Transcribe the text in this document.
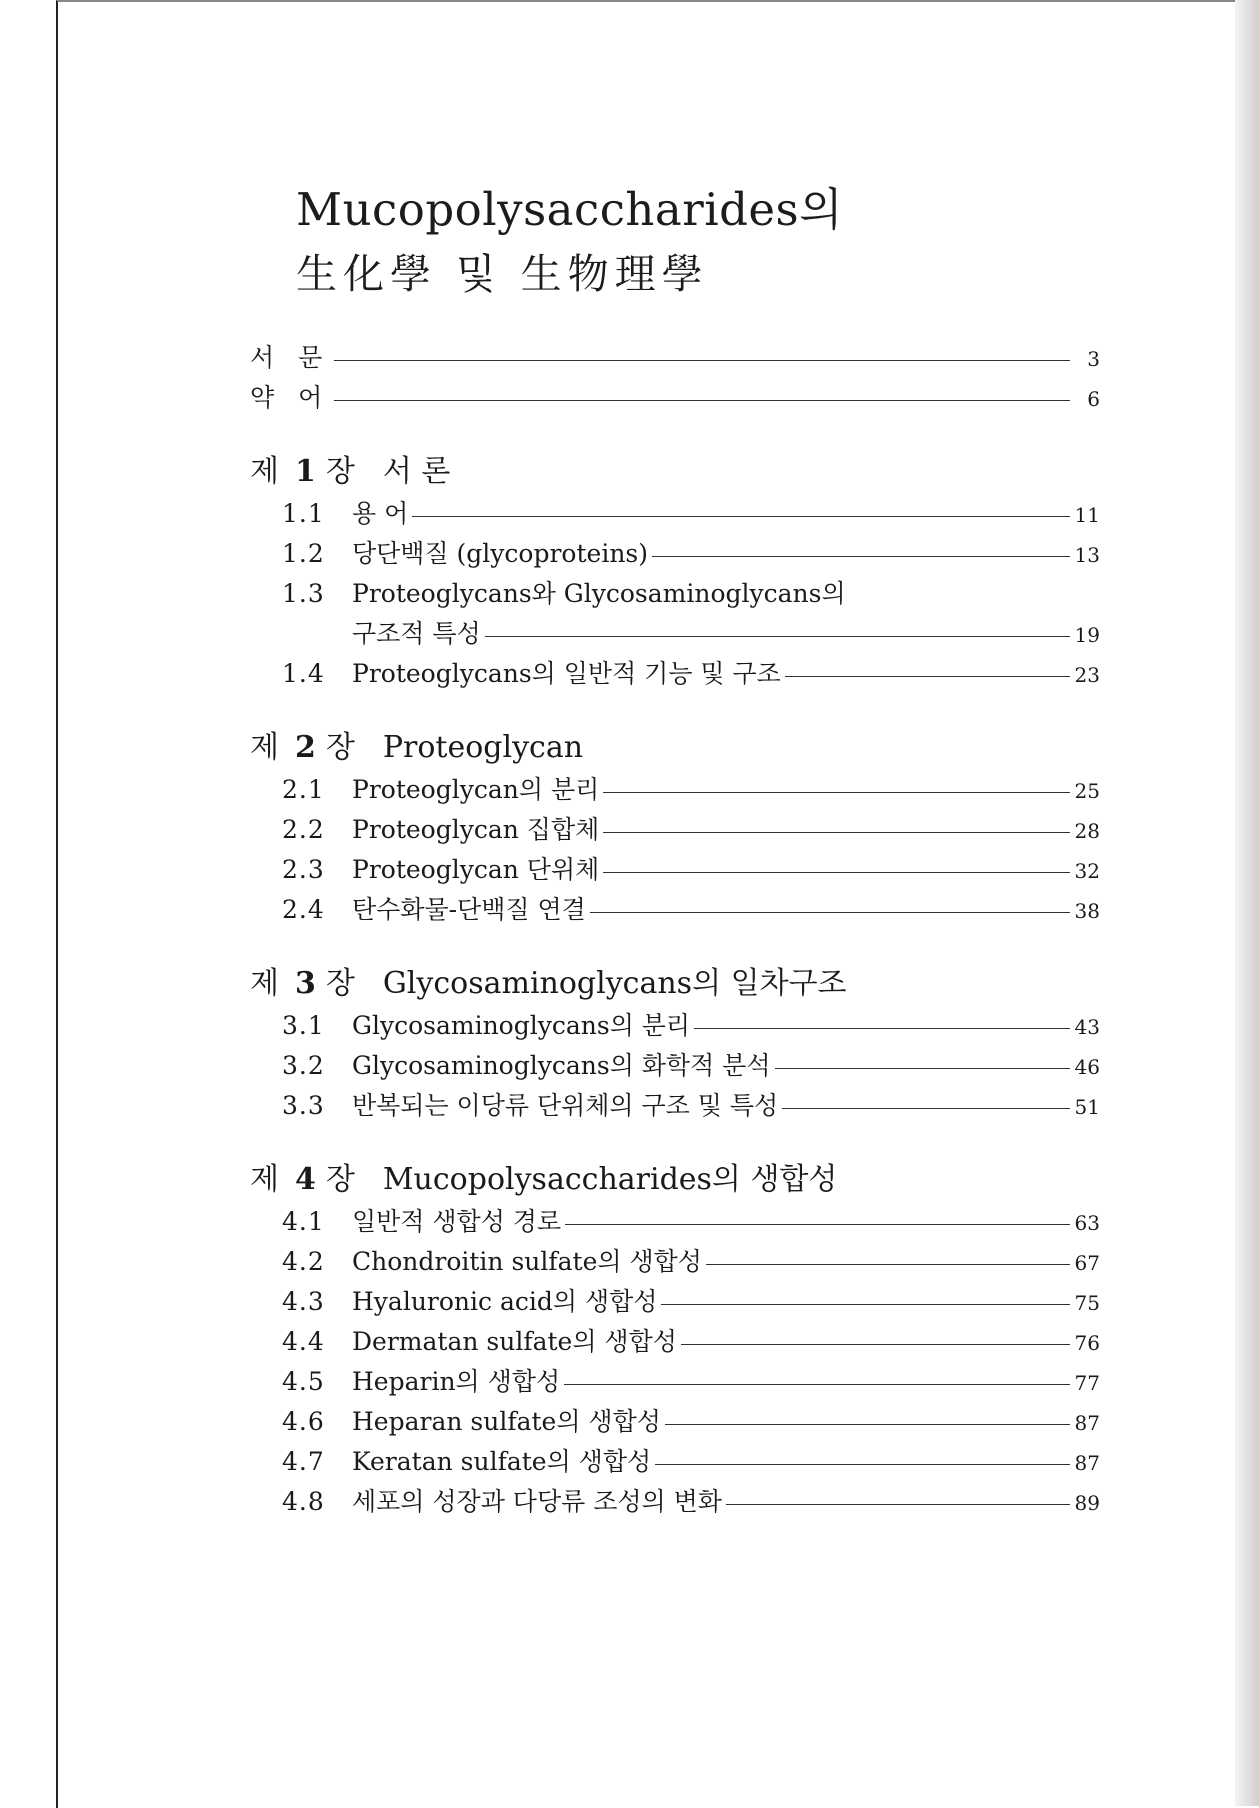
Mucopolysaccharides의
生化學 및 生物理學
서 문	3
약 어	6
제 1 장 서 론
1.1	용 어	11
1.2	당단백질 (glycoproteins)	13
1.3	Proteoglycans와 Glycosaminoglycans의
구조적 특성	19
1.4	Proteoglycans의 일반적 기능 및 구조	23
제 2 장 Proteoglycan
2.1	Proteoglycan의 분리	25
2.2	Proteoglycan 집합체	28
2.3	Proteoglycan 단위체	32
2.4	탄수화물-단백질 연결	38
제 3 장 Glycosaminoglycans의 일차구조
3.1	Glycosaminoglycans의 분리	43
3.2	Glycosaminoglycans의 화학적 분석	46
3.3	반복되는 이당류 단위체의 구조 및 특성	51
제 4 장 Mucopolysaccharides의 생합성
4.1	일반적 생합성 경로	63
4.2	Chondroitin sulfate의 생합성	67
4.3	Hyaluronic acid의 생합성	75
4.4	Dermatan sulfate의 생합성	76
4.5	Heparin의 생합성	77
4.6	Heparan sulfate의 생합성	87
4.7	Keratan sulfate의 생합성	87
4.8	세포의 성장과 다당류 조성의 변화	89
